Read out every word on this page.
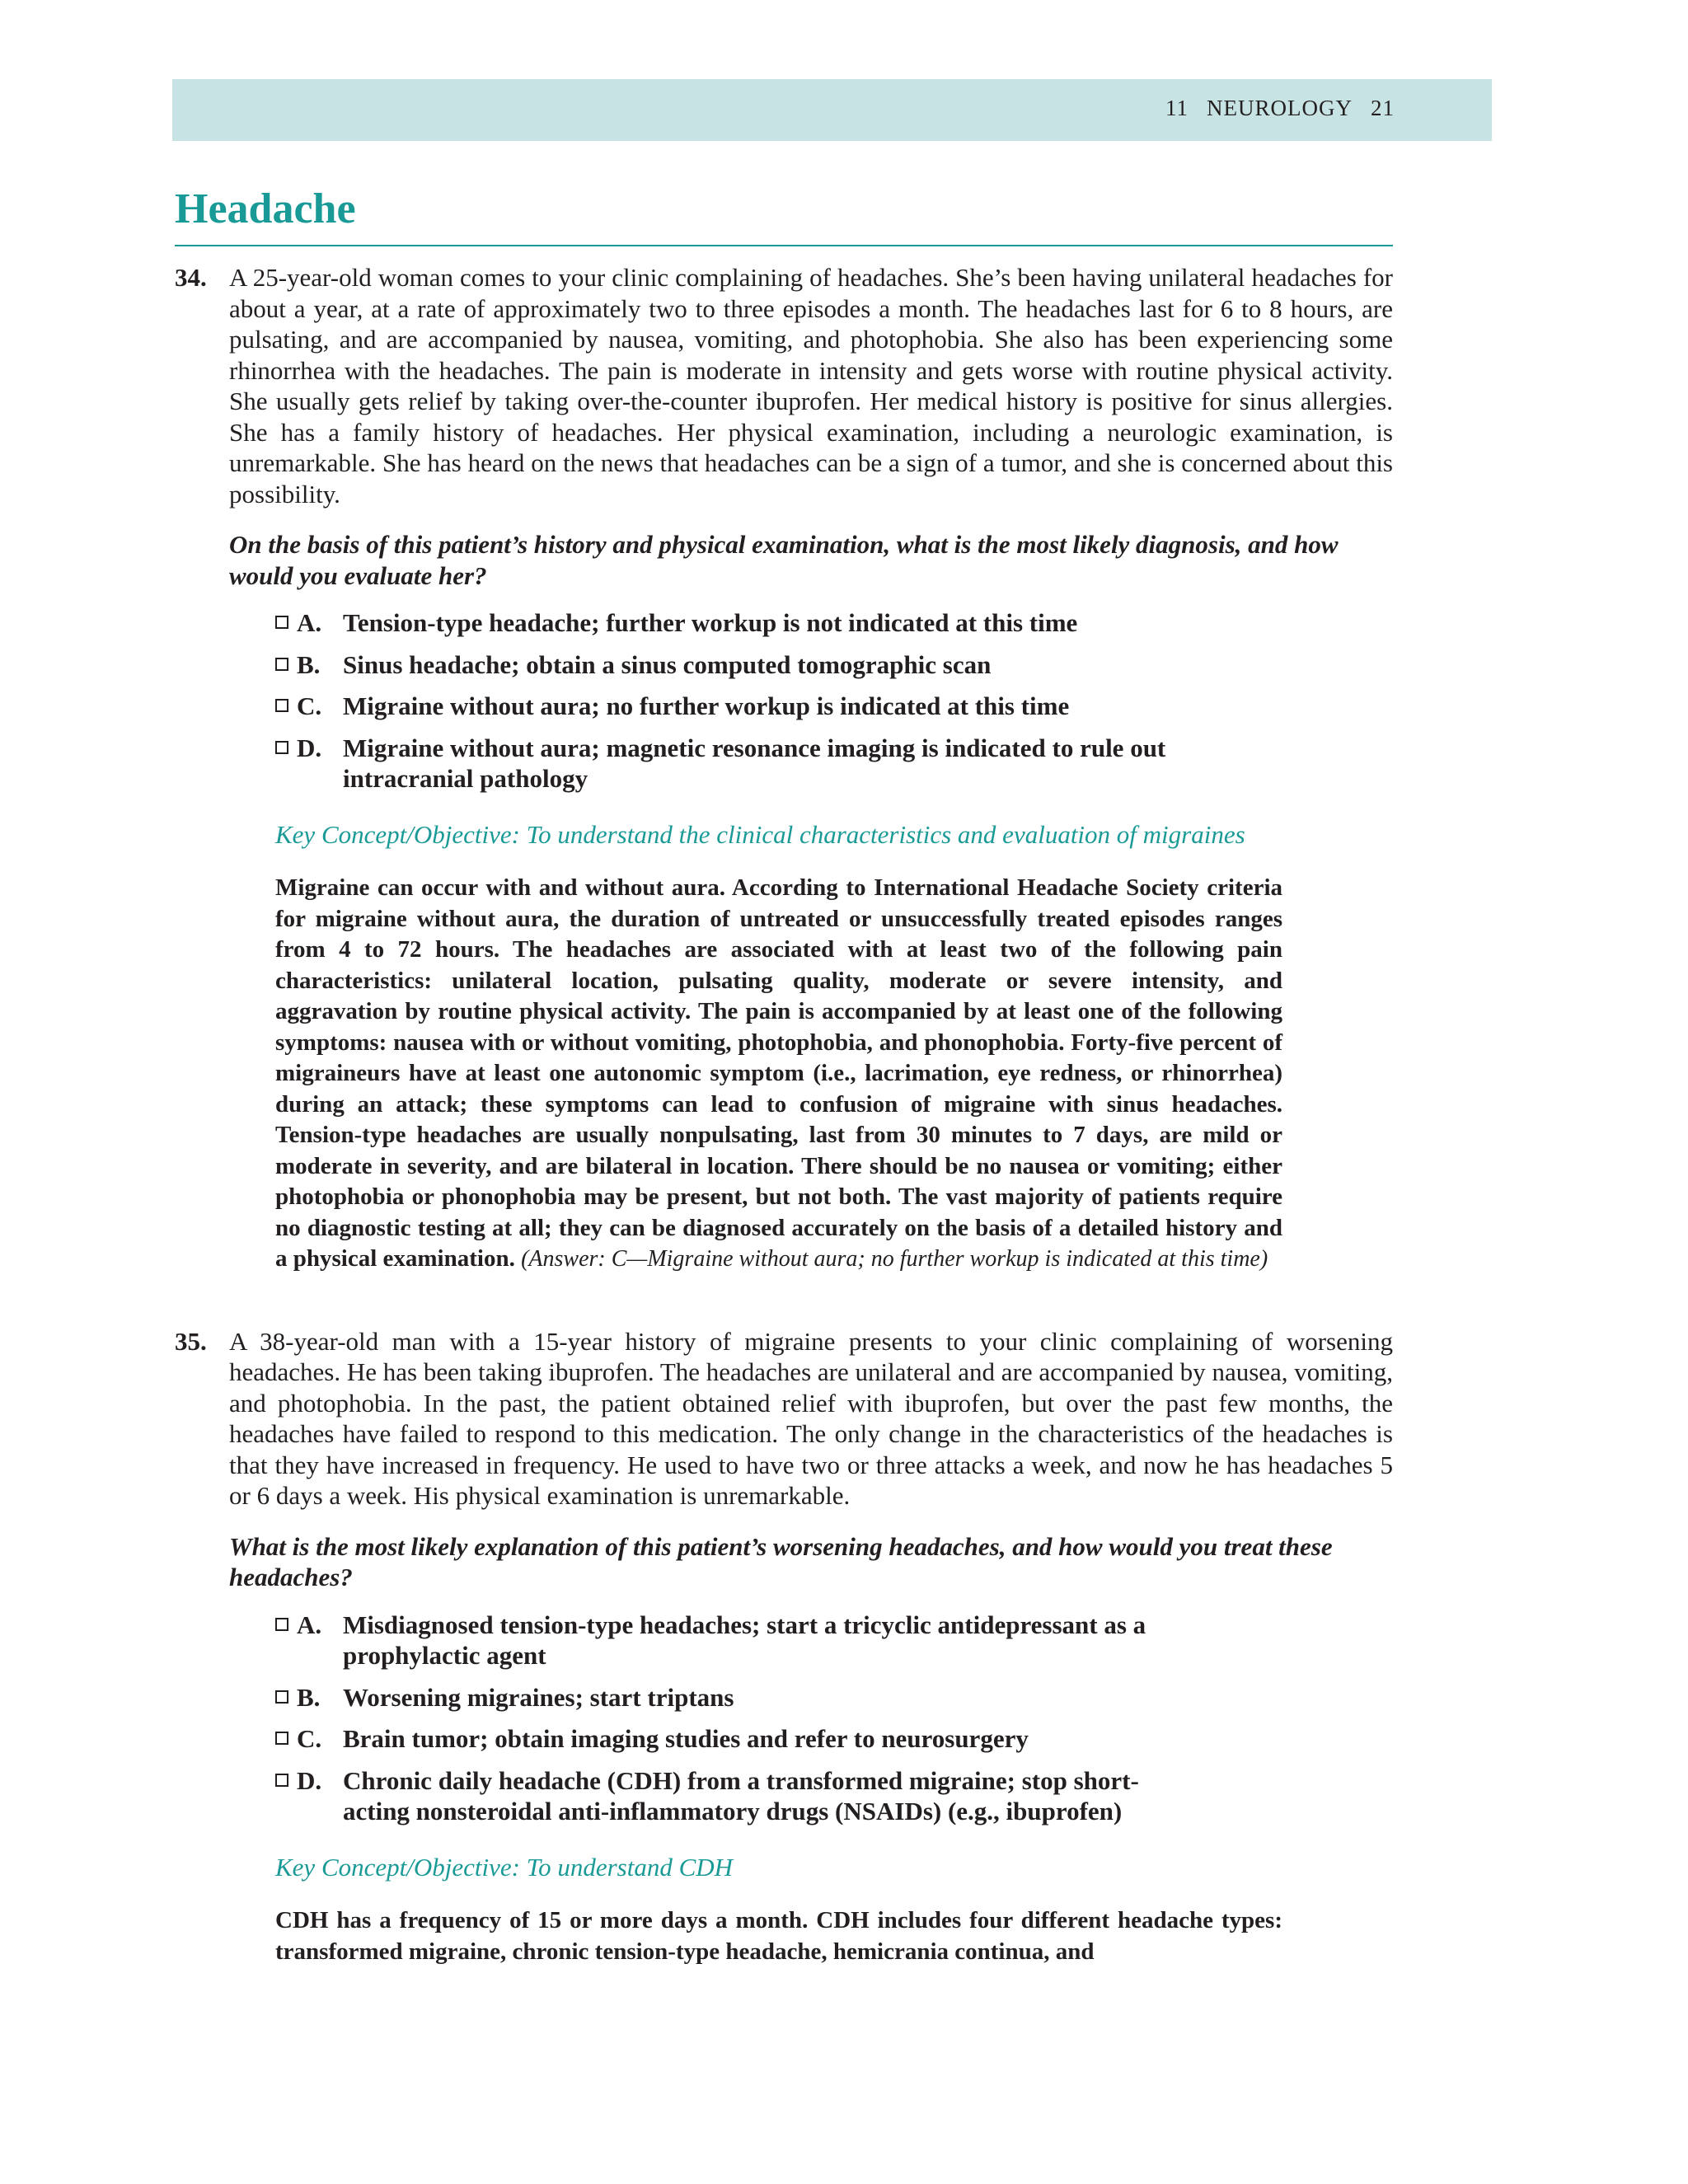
11 NEUROLOGY 21
Headache
34. A 25-year-old woman comes to your clinic complaining of headaches. She’s been having unilateral headaches for about a year, at a rate of approximately two to three episodes a month. The headaches last for 6 to 8 hours, are pulsating, and are accompanied by nausea, vomiting, and photophobia. She also has been experiencing some rhinorrhea with the headaches. The pain is moderate in intensity and gets worse with routine physical activity. She usually gets relief by taking over-the-counter ibuprofen. Her medical history is positive for sinus allergies. She has a family history of headaches. Her physical examination, including a neurologic examination, is unremarkable. She has heard on the news that headaches can be a sign of a tumor, and she is concerned about this possibility.

On the basis of this patient’s history and physical examination, what is the most likely diagnosis, and how would you evaluate her?

A. Tension-type headache; further workup is not indicated at this time
B. Sinus headache; obtain a sinus computed tomographic scan
C. Migraine without aura; no further workup is indicated at this time
D. Migraine without aura; magnetic resonance imaging is indicated to rule out intracranial pathology
Key Concept/Objective: To understand the clinical characteristics and evaluation of migraines
Migraine can occur with and without aura. According to International Headache Society criteria for migraine without aura, the duration of untreated or unsuccessfully treated episodes ranges from 4 to 72 hours. The headaches are associated with at least two of the following pain characteristics: unilateral location, pulsating quality, moderate or severe intensity, and aggravation by routine physical activity. The pain is accompanied by at least one of the following symptoms: nausea with or without vomiting, photophobia, and phonophobia. Forty-five percent of migraineurs have at least one autonomic symptom (i.e., lacrimation, eye redness, or rhinorrhea) during an attack; these symptoms can lead to confusion of migraine with sinus headaches. Tension-type headaches are usually nonpulsating, last from 30 minutes to 7 days, are mild or moderate in severity, and are bilateral in location. There should be no nausea or vomiting; either photophobia or phonophobia may be present, but not both. The vast majority of patients require no diagnostic testing at all; they can be diagnosed accurately on the basis of a detailed history and a physical examination. (Answer: C—Migraine without aura; no further workup is indicated at this time)
35. A 38-year-old man with a 15-year history of migraine presents to your clinic complaining of worsening headaches. He has been taking ibuprofen. The headaches are unilateral and are accompanied by nausea, vomiting, and photophobia. In the past, the patient obtained relief with ibuprofen, but over the past few months, the headaches have failed to respond to this medication. The only change in the characteristics of the headaches is that they have increased in frequency. He used to have two or three attacks a week, and now he has headaches 5 or 6 days a week. His physical examination is unremarkable.

What is the most likely explanation of this patient’s worsening headaches, and how would you treat these headaches?

A. Misdiagnosed tension-type headaches; start a tricyclic antidepressant as a prophylactic agent
B. Worsening migraines; start triptans
C. Brain tumor; obtain imaging studies and refer to neurosurgery
D. Chronic daily headache (CDH) from a transformed migraine; stop short-acting nonsteroidal anti-inflammatory drugs (NSAIDs) (e.g., ibuprofen)
Key Concept/Objective: To understand CDH
CDH has a frequency of 15 or more days a month. CDH includes four different headache types: transformed migraine, chronic tension-type headache, hemicrania continua, and
